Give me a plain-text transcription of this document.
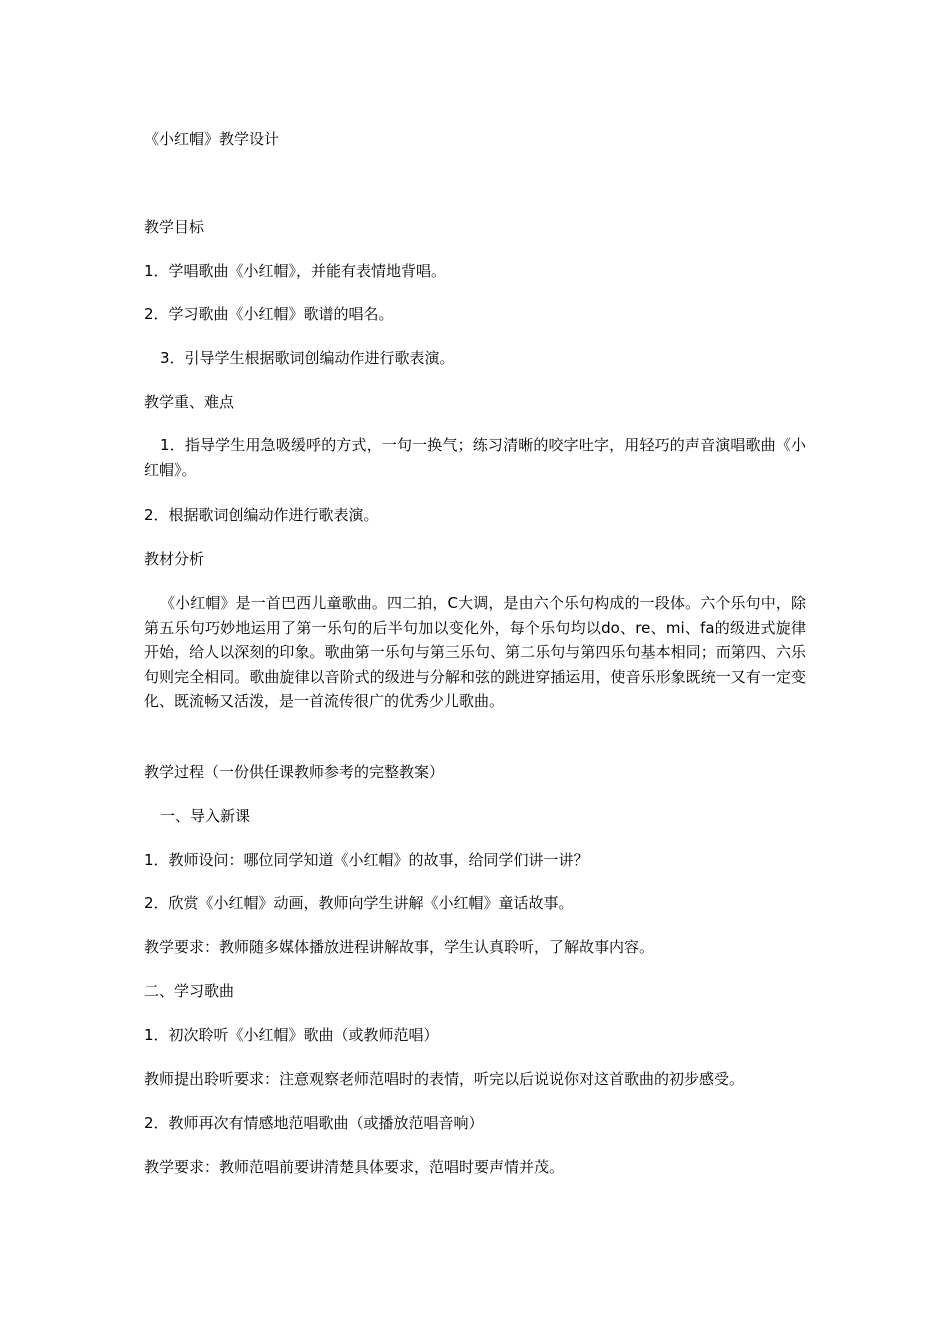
《小红帽》教学设计
教学目标
1．学唱歌曲《小红帽》，并能有表情地背唱。
2．学习歌曲《小红帽》歌谱的唱名。
3．引导学生根据歌词创编动作进行歌表演。
教学重、难点
1．指导学生用急吸缓呼的方式，一句一换气；练习清晰的咬字吐字，用轻巧的声音演唱歌曲《小红帽》。
2．根据歌词创编动作进行歌表演。
教材分析
《小红帽》是一首巴西儿童歌曲。四二拍，C大调，是由六个乐句构成的一段体。六个乐句中，除第五乐句巧妙地运用了第一乐句的后半句加以变化外，每个乐句均以do、re、mi、fa的级进式旋律开始，给人以深刻的印象。歌曲第一乐句与第三乐句、第二乐句与第四乐句基本相同；而第四、六乐句则完全相同。歌曲旋律以音阶式的级进与分解和弦的跳进穿插运用，使音乐形象既统一又有一定变化、既流畅又活泼，是一首流传很广的优秀少儿歌曲。
教学过程（一份供任课教师参考的完整教案）
一、导入新课
1．教师设问：哪位同学知道《小红帽》的故事，给同学们讲一讲？
2．欣赏《小红帽》动画，教师向学生讲解《小红帽》童话故事。
教学要求：教师随多媒体播放进程讲解故事，学生认真聆听，了解故事内容。
二、学习歌曲
1．初次聆听《小红帽》歌曲（或教师范唱）
教师提出聆听要求：注意观察老师范唱时的表情，听完以后说说你对这首歌曲的初步感受。
2．教师再次有情感地范唱歌曲（或播放范唱音响）
教学要求：教师范唱前要讲清楚具体要求，范唱时要声情并茂。
